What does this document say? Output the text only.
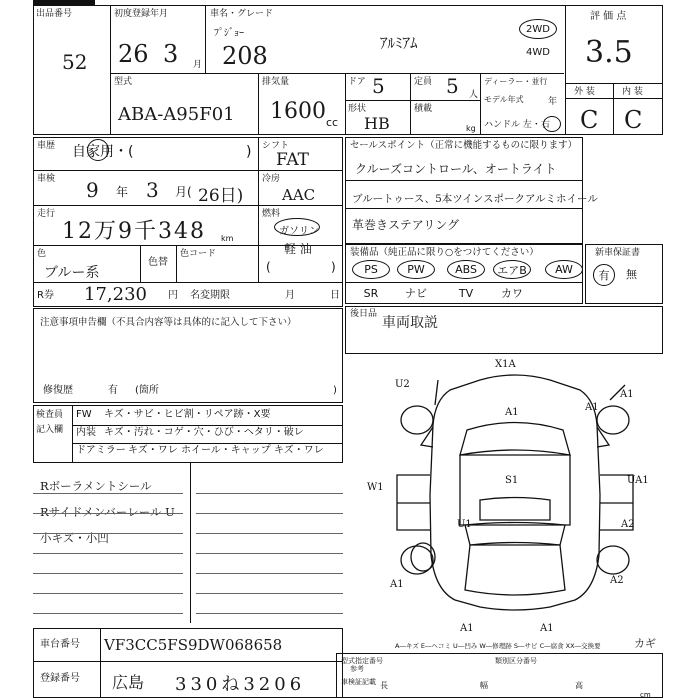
出品番号
52
初度登録年月
26 3 月
車名・グレード
ﾌﾟｼﾞｮｰ
208	ｱﾙﾐｱﾑ
2WD
4WD
評 価 点
3.5
外 装	内 装
C C
型式
ABA-A95F01
排気量
1600 cc
ドア 5	定員 5 人
形状
HB
積載
kg
ディーラー・並行
モデル年式	年
ハンドル 左・右
車歴 自家用・(	)
車検 9 年 3 月( 26日)
走行
12万9千348 km
色
ブルー系
色替
色コード
シフト
FAT
冷房
AAC
燃料
ガソリン
軽 油
(	)
R券 17,230 円 名変期限	月	日
セールスポイント（正常に機能するものに限ります）
クルーズコントロール、オートライト
ブルートゥース、5本ツインスポークアルミホイール
革巻きステアリング
装備品（純正品に限り○をつけてください）
PS	PW	ABS エアB	AW
SR ナビ	TV	カワ
新車保証書
有 無
後日品
車両取説
注意事項申告欄（不具合内容等は具体的に記入して下さい）
修復歴	有 (箇所	)
検査員
記入欄
FW キズ・サビ・ヒビ割・リペア跡・X要
内装 キズ・汚れ・コゲ・穴・ひび・ヘタリ・破レ
ドアミラー キズ・ワレ ホイール・キャップ キズ・ワレ
Rボーラメントシール
Rサイドメンバーレール U
小キズ・小凹
X1A
A1
U2
A1
A1
W1
S1	UA1
U1	A2
A1	A2
A1	A1
A―キズ E―ヘコミ U―凹み W―修理跡 S―サビ C―腐食 XX―交換要	カギ
車台番号 VF3CC5FS9DW068658
登録番号 広島 330ね3206
型式指定番号	類別区分番号
参考
車検証記載 長	幅	高
cm
